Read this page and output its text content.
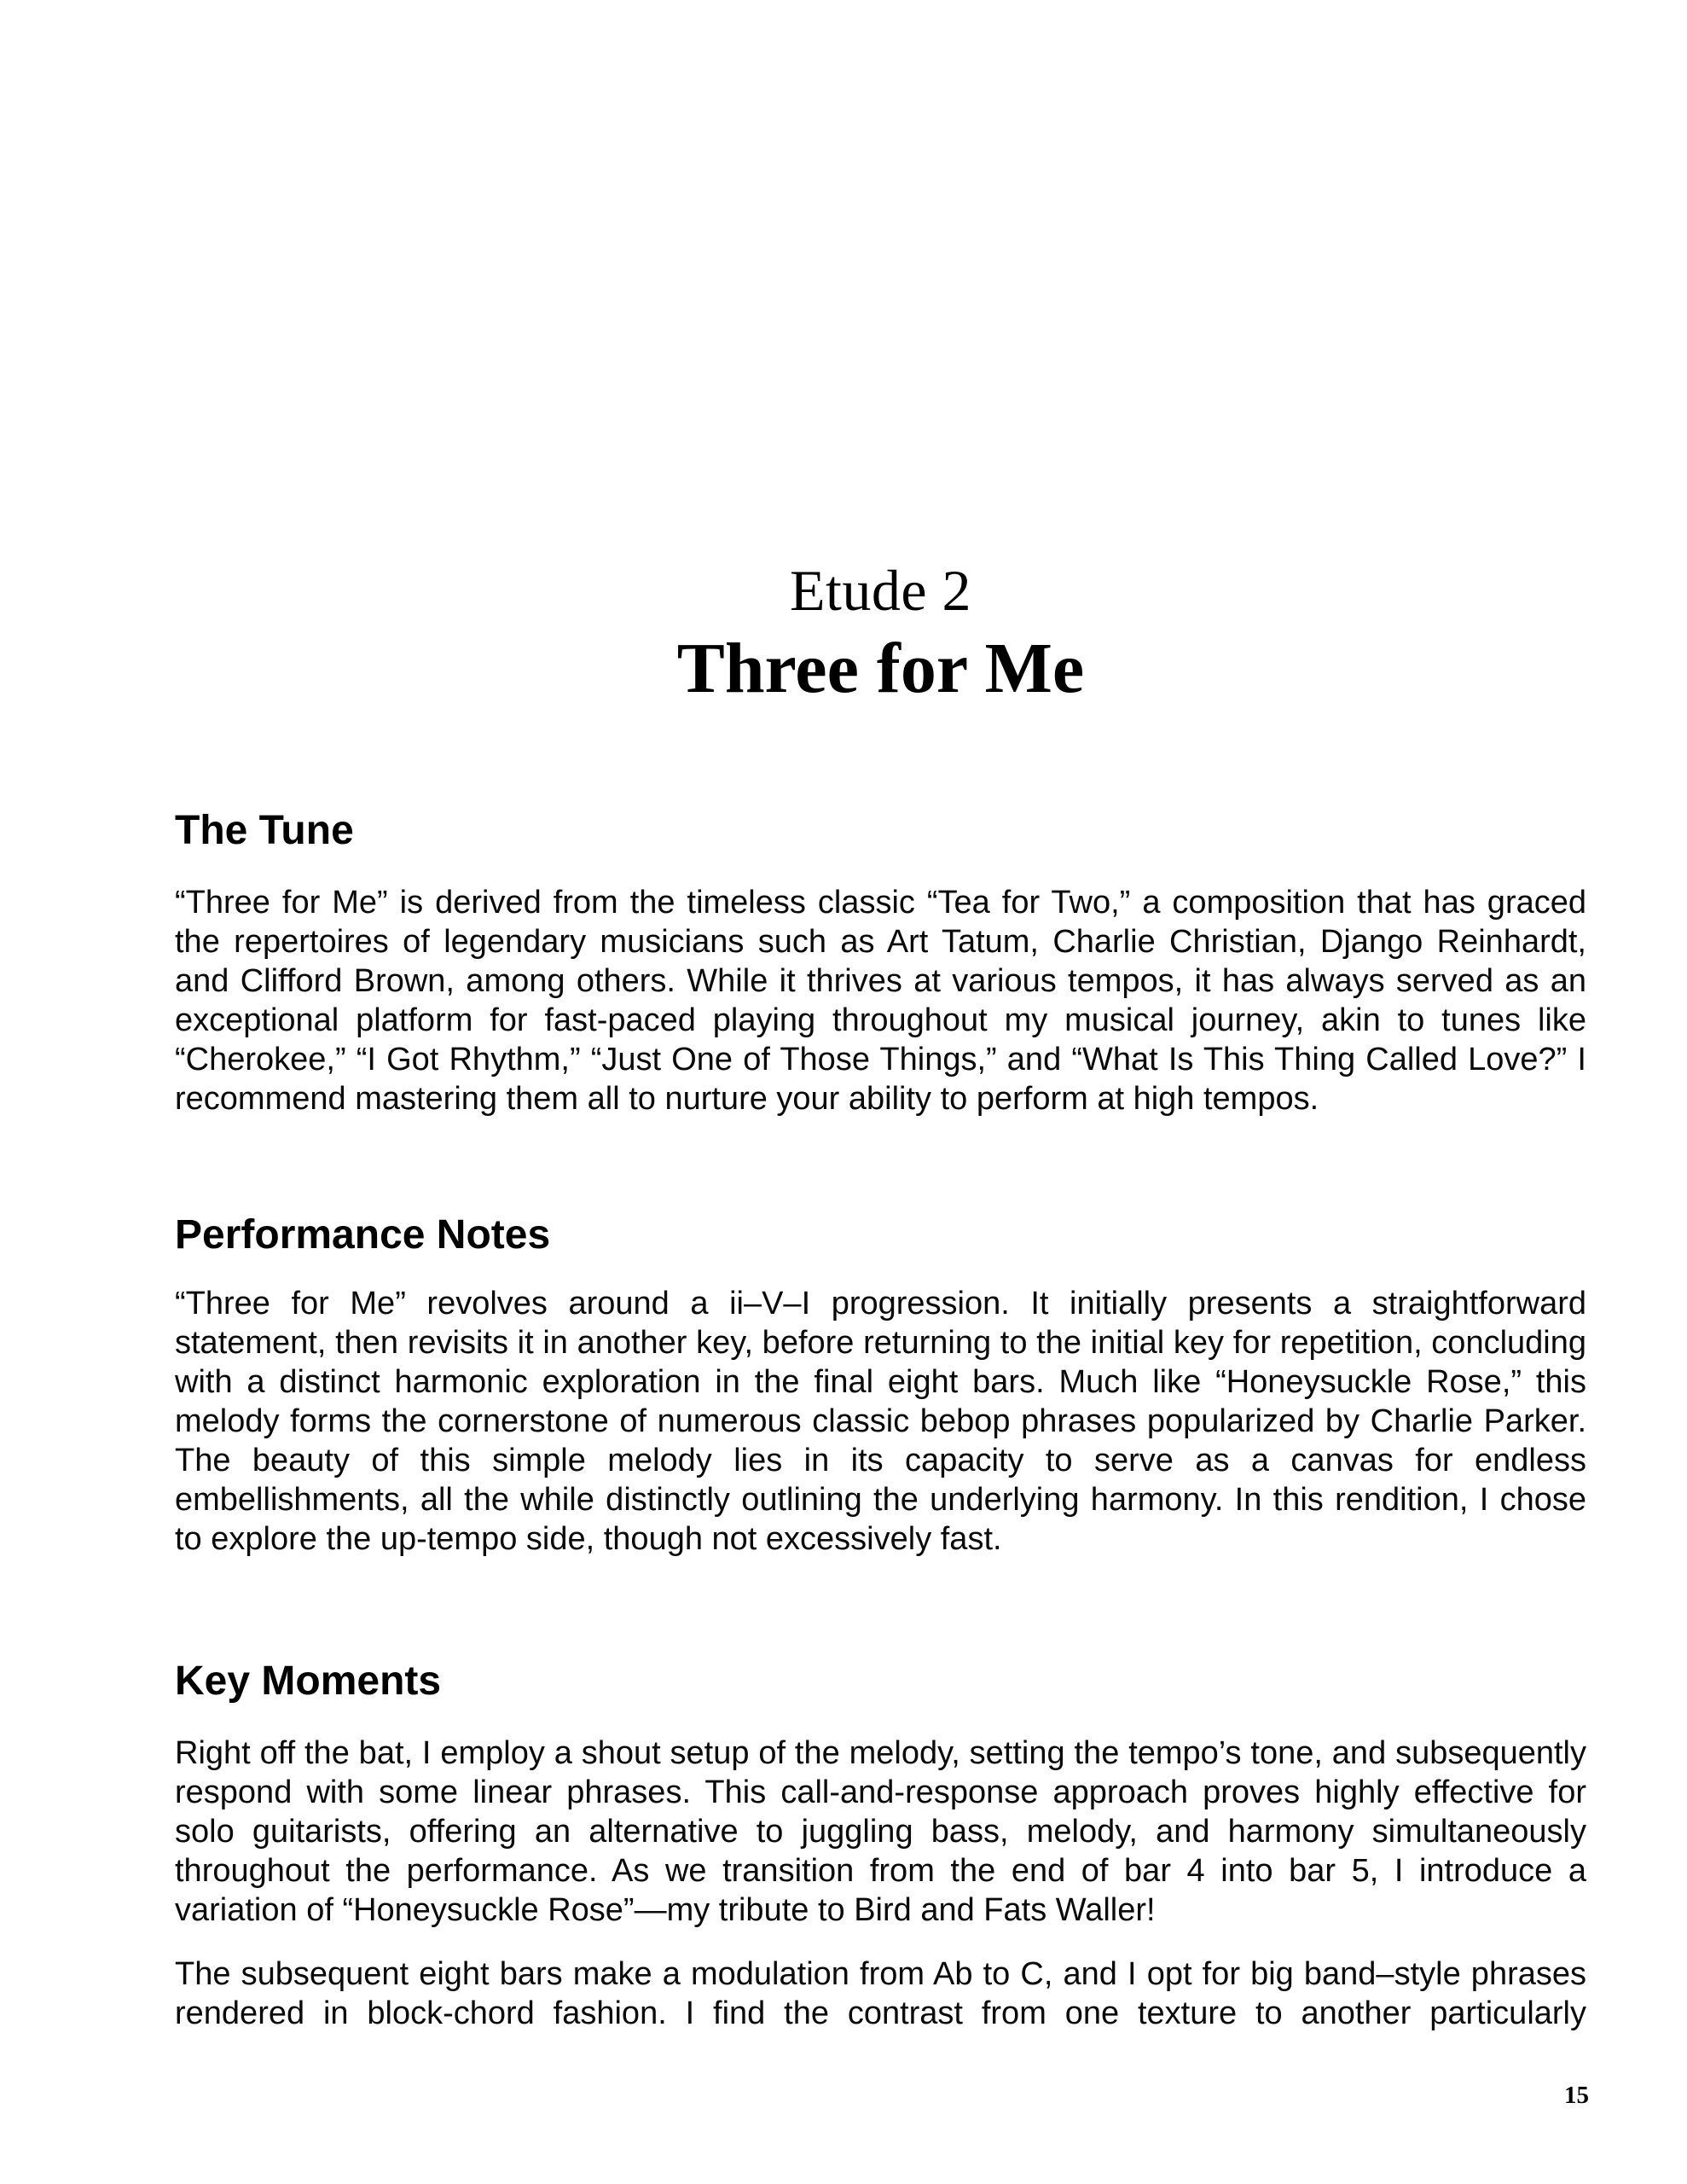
Etude 2
Three for Me
The Tune

“Three for Me” is derived from the timeless classic “Tea for Two,” a composition that has graced the repertoires of legendary musicians such as Art Tatum, Charlie Christian, Django Reinhardt, and Clifford Brown, among others. While it thrives at various tempos, it has always served as an exceptional platform for fast-paced playing throughout my musical journey, akin to tunes like “Cherokee,” “I Got Rhythm,” “Just One of Those Things,” and “What Is This Thing Called Love?” I recommend mastering them all to nurture your ability to perform at high tempos.

Performance Notes

“Three for Me” revolves around a ii–V–I progression. It initially presents a straightforward statement, then revisits it in another key, before returning to the initial key for repetition, concluding with a distinct harmonic exploration in the final eight bars. Much like “Honeysuckle Rose,” this melody forms the cornerstone of numerous classic bebop phrases popularized by Charlie Parker. The beauty of this simple melody lies in its capacity to serve as a canvas for endless embellishments, all the while distinctly outlining the underlying harmony. In this rendition, I chose to explore the up-tempo side, though not excessively fast.

Key Moments

Right off the bat, I employ a shout setup of the melody, setting the tempo’s tone, and subsequently respond with some linear phrases. This call-and-response approach proves highly effective for solo guitarists, offering an alternative to juggling bass, melody, and harmony simultaneously throughout the performance. As we transition from the end of bar 4 into bar 5, I introduce a variation of “Honeysuckle Rose”—my tribute to Bird and Fats Waller!

The subsequent eight bars make a modulation from Ab to C, and I opt for big band–style phrases rendered in block-chord fashion. I find the contrast from one texture to another particularly

15
